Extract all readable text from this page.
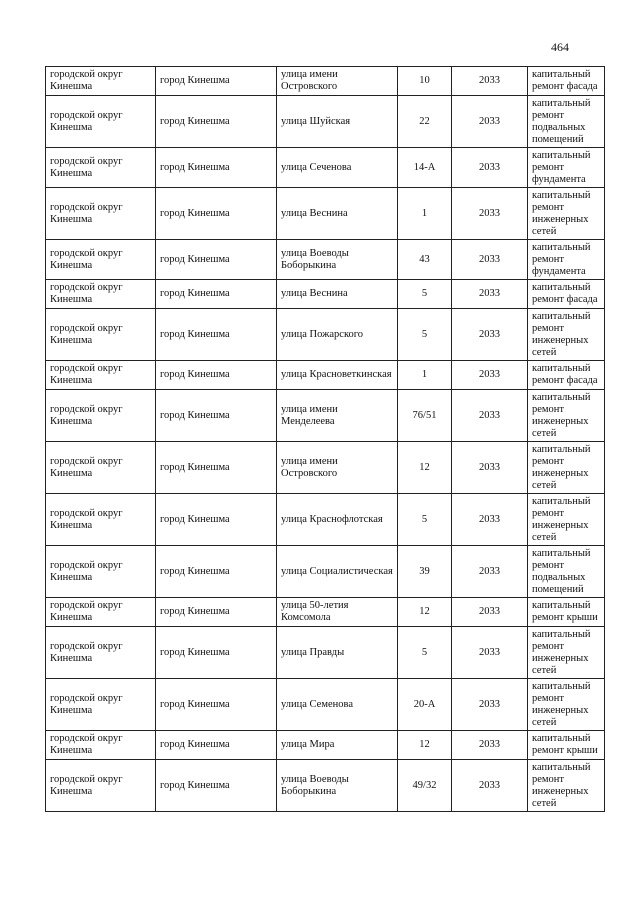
464
городской округ Кинешма	город Кинешма	улица имени Островского	10	2033	капитальный ремонт фасада
городской округ Кинешма	город Кинешма	улица Шуйская	22	2033	капитальный ремонт подвальных помещений
городской округ Кинешма	город Кинешма	улица Сеченова	14-А	2033	капитальный ремонт фундамента
городской округ Кинешма	город Кинешма	улица Веснина	1	2033	капитальный ремонт инженерных сетей
городской округ Кинешма	город Кинешма	улица Воеводы Боборыкина	43	2033	капитальный ремонт фундамента
городской округ Кинешма	город Кинешма	улица Веснина	5	2033	капитальный ремонт фасада
городской округ Кинешма	город Кинешма	улица Пожарского	5	2033	капитальный ремонт инженерных сетей
городской округ Кинешма	город Кинешма	улица Красноветкинская	1	2033	капитальный ремонт фасада
городской округ Кинешма	город Кинешма	улица имени Менделеева	76/51	2033	капитальный ремонт инженерных сетей
городской округ Кинешма	город Кинешма	улица имени Островского	12	2033	капитальный ремонт инженерных сетей
городской округ Кинешма	город Кинешма	улица Краснофлотская	5	2033	капитальный ремонт инженерных сетей
городской округ Кинешма	город Кинешма	улица Социалистическая	39	2033	капитальный ремонт подвальных помещений
городской округ Кинешма	город Кинешма	улица 50-летия Комсомола	12	2033	капитальный ремонт крыши
городской округ Кинешма	город Кинешма	улица Правды	5	2033	капитальный ремонт инженерных сетей
городской округ Кинешма	город Кинешма	улица Семенова	20-А	2033	капитальный ремонт инженерных сетей
городской округ Кинешма	город Кинешма	улица Мира	12	2033	капитальный ремонт крыши
городской округ Кинешма	город Кинешма	улица Воеводы Боборыкина	49/32	2033	капитальный ремонт инженерных сетей
